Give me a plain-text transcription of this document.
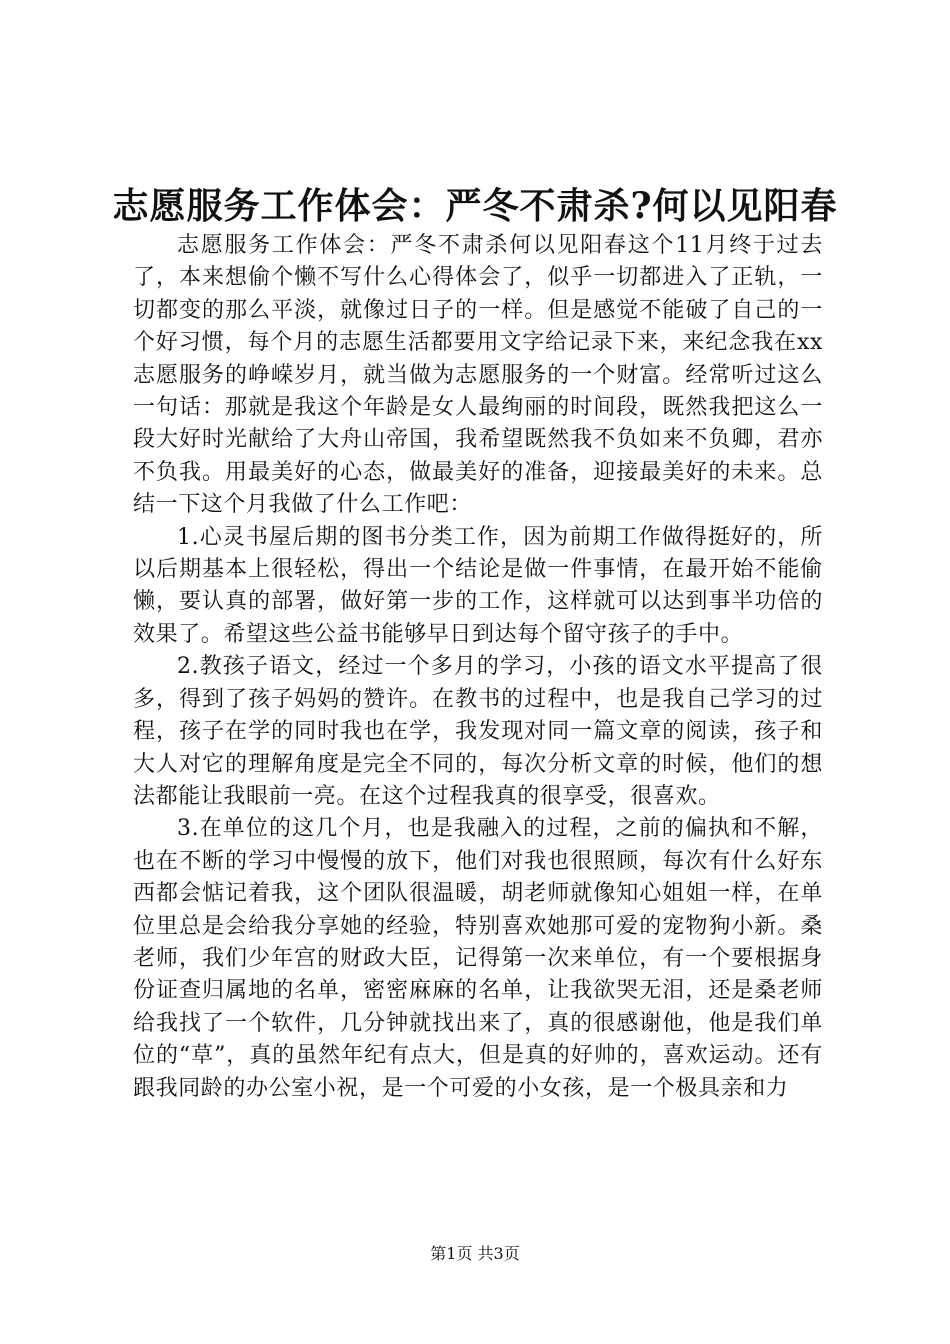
志愿服务工作体会：严冬不肃杀?何以见阳春

志愿服务工作体会：严冬不肃杀何以见阳春这个11月终于过去了，本来想偷个懒不写什么心得体会了，似乎一切都进入了正轨，一切都变的那么平淡，就像过日子的一样。但是感觉不能破了自己的一个好习惯，每个月的志愿生活都要用文字给记录下来，来纪念我在xx志愿服务的峥嵘岁月，就当做为志愿服务的一个财富。经常听过这么一句话：那就是我这个年龄是女人最绚丽的时间段，既然我把这么一段大好时光献给了大舟山帝国，我希望既然我不负如来不负卿，君亦不负我。用最美好的心态，做最美好的准备，迎接最美好的未来。总结一下这个月我做了什么工作吧：

1.心灵书屋后期的图书分类工作，因为前期工作做得挺好的，所以后期基本上很轻松，得出一个结论是做一件事情，在最开始不能偷懒，要认真的部署，做好第一步的工作，这样就可以达到事半功倍的效果了。希望这些公益书能够早日到达每个留守孩子的手中。

2.教孩子语文，经过一个多月的学习，小孩的语文水平提高了很多，得到了孩子妈妈的赞许。在教书的过程中，也是我自己学习的过程，孩子在学的同时我也在学，我发现对同一篇文章的阅读，孩子和大人对它的理解角度是完全不同的，每次分析文章的时候，他们的想法都能让我眼前一亮。在这个过程我真的很享受，很喜欢。

3.在单位的这几个月，也是我融入的过程，之前的偏执和不解，也在不断的学习中慢慢的放下，他们对我也很照顾，每次有什么好东西都会惦记着我，这个团队很温暖，胡老师就像知心姐姐一样，在单位里总是会给我分享她的经验，特别喜欢她那可爱的宠物狗小新。桑老师，我们少年宫的财政大臣，记得第一次来单位，有一个要根据身份证查归属地的名单，密密麻麻的名单，让我欲哭无泪，还是桑老师给我找了一个软件，几分钟就找出来了，真的很感谢他，他是我们单位的“草”，真的虽然年纪有点大，但是真的好帅的，喜欢运动。还有跟我同龄的办公室小祝，是一个可爱的小女孩，是一个极具亲和力

第1页 共3页
